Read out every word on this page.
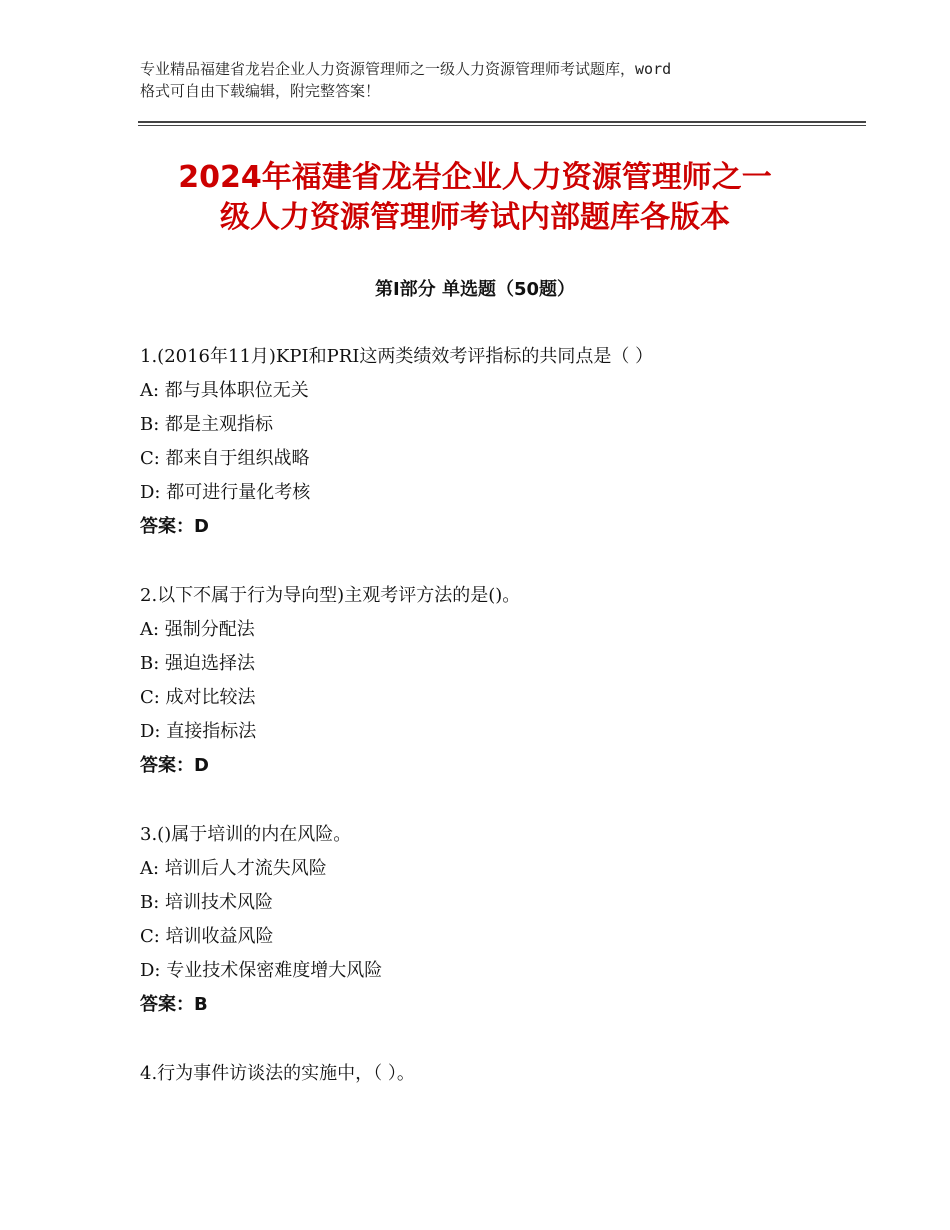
专业精品福建省龙岩企业人力资源管理师之一级人力资源管理师考试题库，word
格式可自由下载编辑，附完整答案！
2024年福建省龙岩企业人力资源管理师之一
级人力资源管理师考试内部题库各版本
第Ⅰ部分 单选题（50题）
1.(2016年11月)KPI和PRI这两类绩效考评指标的共同点是（ ）
A: 都与具体职位无关
B: 都是主观指标
C: 都来自于组织战略
D: 都可进行量化考核
答案：D
2.以下不属于行为导向型)主观考评方法的是()。
A: 强制分配法
B: 强迫选择法
C: 成对比较法
D: 直接指标法
答案：D
3.()属于培训的内在风险。
A: 培训后人才流失风险
B: 培训技术风险
C: 培训收益风险
D: 专业技术保密难度增大风险
答案：B
4.行为事件访谈法的实施中，（ ）。
